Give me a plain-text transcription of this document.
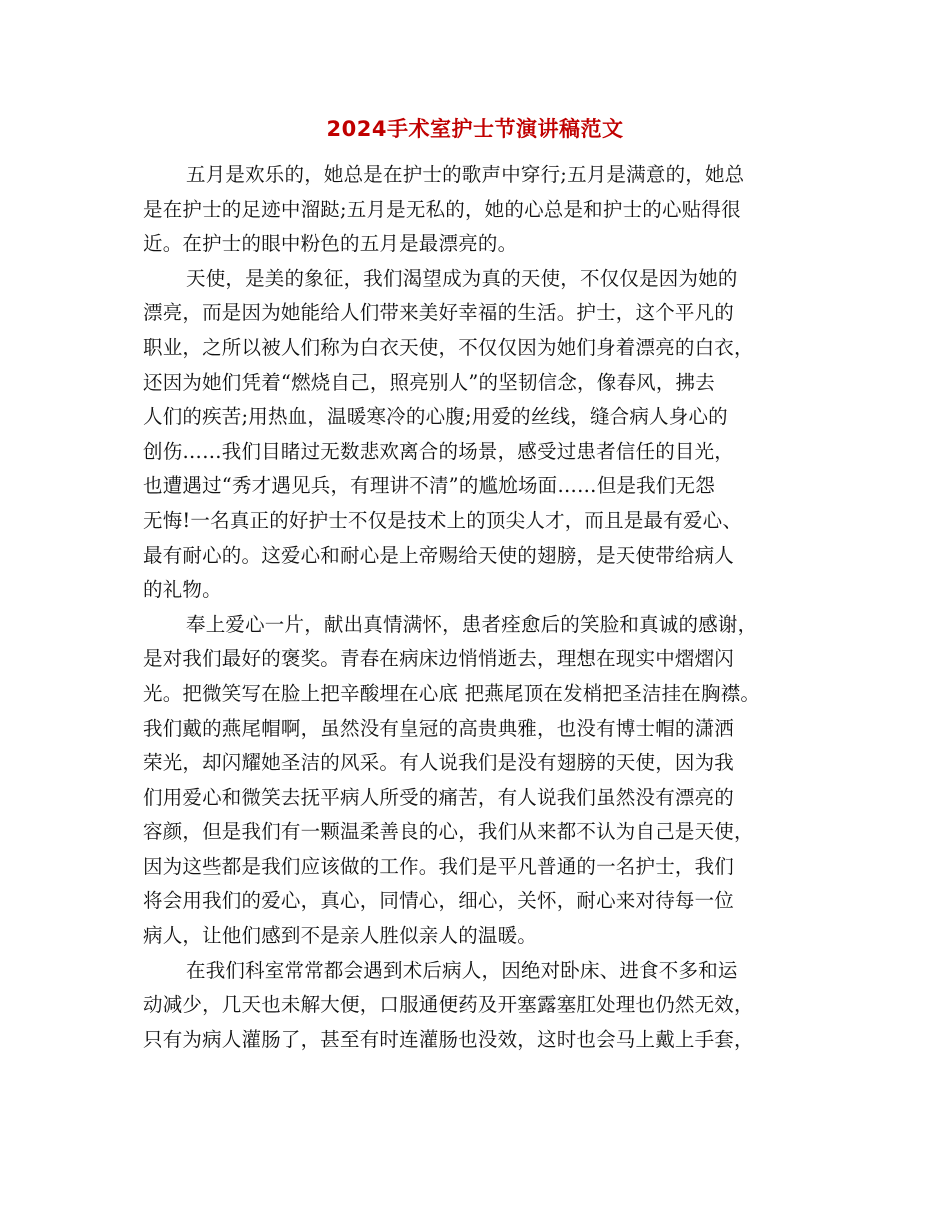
2024手术室护士节演讲稿范文
五月是欢乐的，她总是在护士的歌声中穿行;五月是满意的，她总
是在护士的足迹中溜跶;五月是无私的，她的心总是和护士的心贴得很
近。在护士的眼中粉色的五月是最漂亮的。
天使，是美的象征，我们渴望成为真的天使，不仅仅是因为她的
漂亮，而是因为她能给人们带来美好幸福的生活。护士，这个平凡的
职业，之所以被人们称为白衣天使，不仅仅因为她们身着漂亮的白衣，
还因为她们凭着“燃烧自己，照亮别人”的坚韧信念，像春风，拂去
人们的疾苦;用热血，温暖寒冷的心腹;用爱的丝线，缝合病人身心的
创伤……我们目睹过无数悲欢离合的场景，感受过患者信任的目光，
也遭遇过“秀才遇见兵，有理讲不清”的尴尬场面……但是我们无怨
无悔!一名真正的好护士不仅是技术上的顶尖人才，而且是最有爱心、
最有耐心的。这爱心和耐心是上帝赐给天使的翅膀，是天使带给病人
的礼物。
奉上爱心一片，献出真情满怀，患者痊愈后的笑脸和真诚的感谢，
是对我们最好的褒奖。青春在病床边悄悄逝去，理想在现实中熠熠闪
光。把微笑写在脸上把辛酸埋在心底 把燕尾顶在发梢把圣洁挂在胸襟。
我们戴的燕尾帽啊，虽然没有皇冠的高贵典雅，也没有博士帽的潇洒
荣光，却闪耀她圣洁的风采。有人说我们是没有翅膀的天使，因为我
们用爱心和微笑去抚平病人所受的痛苦，有人说我们虽然没有漂亮的
容颜，但是我们有一颗温柔善良的心，我们从来都不认为自己是天使，
因为这些都是我们应该做的工作。我们是平凡普通的一名护士，我们
将会用我们的爱心，真心，同情心，细心，关怀，耐心来对待每一位
病人，让他们感到不是亲人胜似亲人的温暖。
在我们科室常常都会遇到术后病人，因绝对卧床、进食不多和运
动减少，几天也未解大便，口服通便药及开塞露塞肛处理也仍然无效，
只有为病人灌肠了，甚至有时连灌肠也没效，这时也会马上戴上手套，
